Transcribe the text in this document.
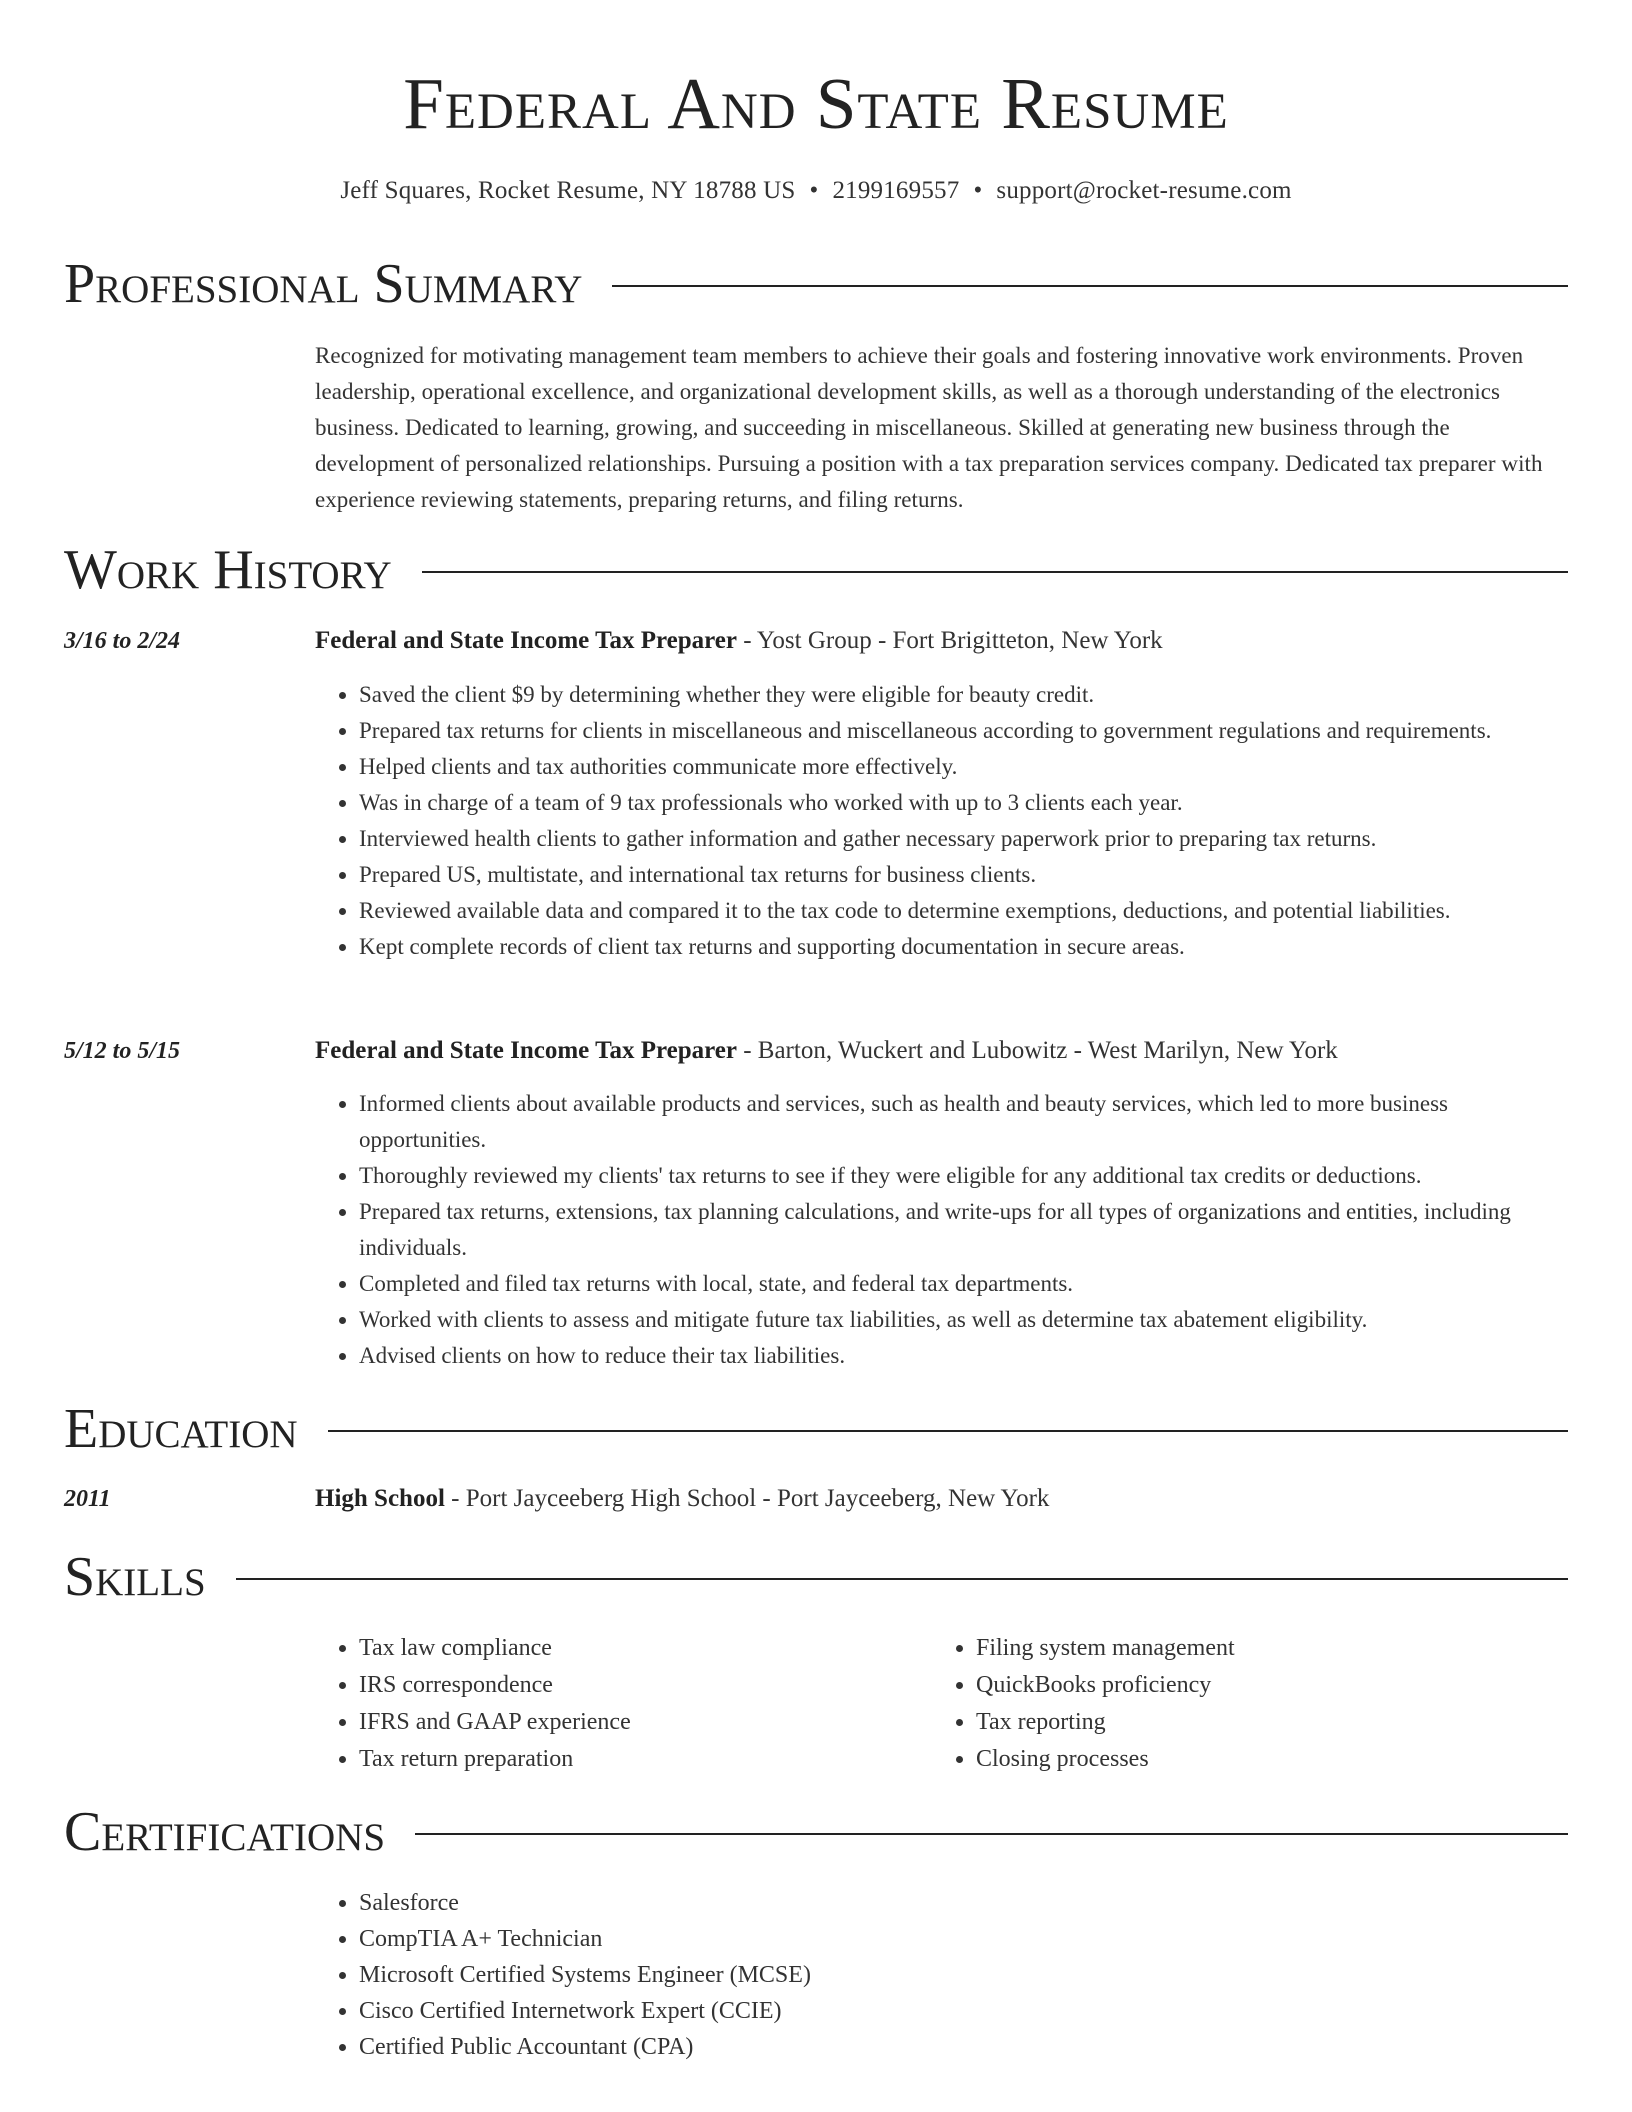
Federal And State Resume
Jeff Squares, Rocket Resume, NY 18788 US • 2199169557 • support@rocket-resume.com
Professional Summary
Recognized for motivating management team members to achieve their goals and fostering innovative work environments. Proven leadership, operational excellence, and organizational development skills, as well as a thorough understanding of the electronics business. Dedicated to learning, growing, and succeeding in miscellaneous. Skilled at generating new business through the development of personalized relationships. Pursuing a position with a tax preparation services company. Dedicated tax preparer with experience reviewing statements, preparing returns, and filing returns.
Work History
3/16 to 2/24	Federal and State Income Tax Preparer - Yost Group - Fort Brigitteton, New York
• Saved the client $9 by determining whether they were eligible for beauty credit.
• Prepared tax returns for clients in miscellaneous and miscellaneous according to government regulations and requirements.
• Helped clients and tax authorities communicate more effectively.
• Was in charge of a team of 9 tax professionals who worked with up to 3 clients each year.
• Interviewed health clients to gather information and gather necessary paperwork prior to preparing tax returns.
• Prepared US, multistate, and international tax returns for business clients.
• Reviewed available data and compared it to the tax code to determine exemptions, deductions, and potential liabilities.
• Kept complete records of client tax returns and supporting documentation in secure areas.
5/12 to 5/15	Federal and State Income Tax Preparer - Barton, Wuckert and Lubowitz - West Marilyn, New York
• Informed clients about available products and services, such as health and beauty services, which led to more business opportunities.
• Thoroughly reviewed my clients' tax returns to see if they were eligible for any additional tax credits or deductions.
• Prepared tax returns, extensions, tax planning calculations, and write-ups for all types of organizations and entities, including individuals.
• Completed and filed tax returns with local, state, and federal tax departments.
• Worked with clients to assess and mitigate future tax liabilities, as well as determine tax abatement eligibility.
• Advised clients on how to reduce their tax liabilities.
Education
2011	High School - Port Jayceeberg High School - Port Jayceeberg, New York
Skills
• Tax law compliance
• IRS correspondence
• IFRS and GAAP experience
• Tax return preparation
• Filing system management
• QuickBooks proficiency
• Tax reporting
• Closing processes
Certifications
• Salesforce
• CompTIA A+ Technician
• Microsoft Certified Systems Engineer (MCSE)
• Cisco Certified Internetwork Expert (CCIE)
• Certified Public Accountant (CPA)
